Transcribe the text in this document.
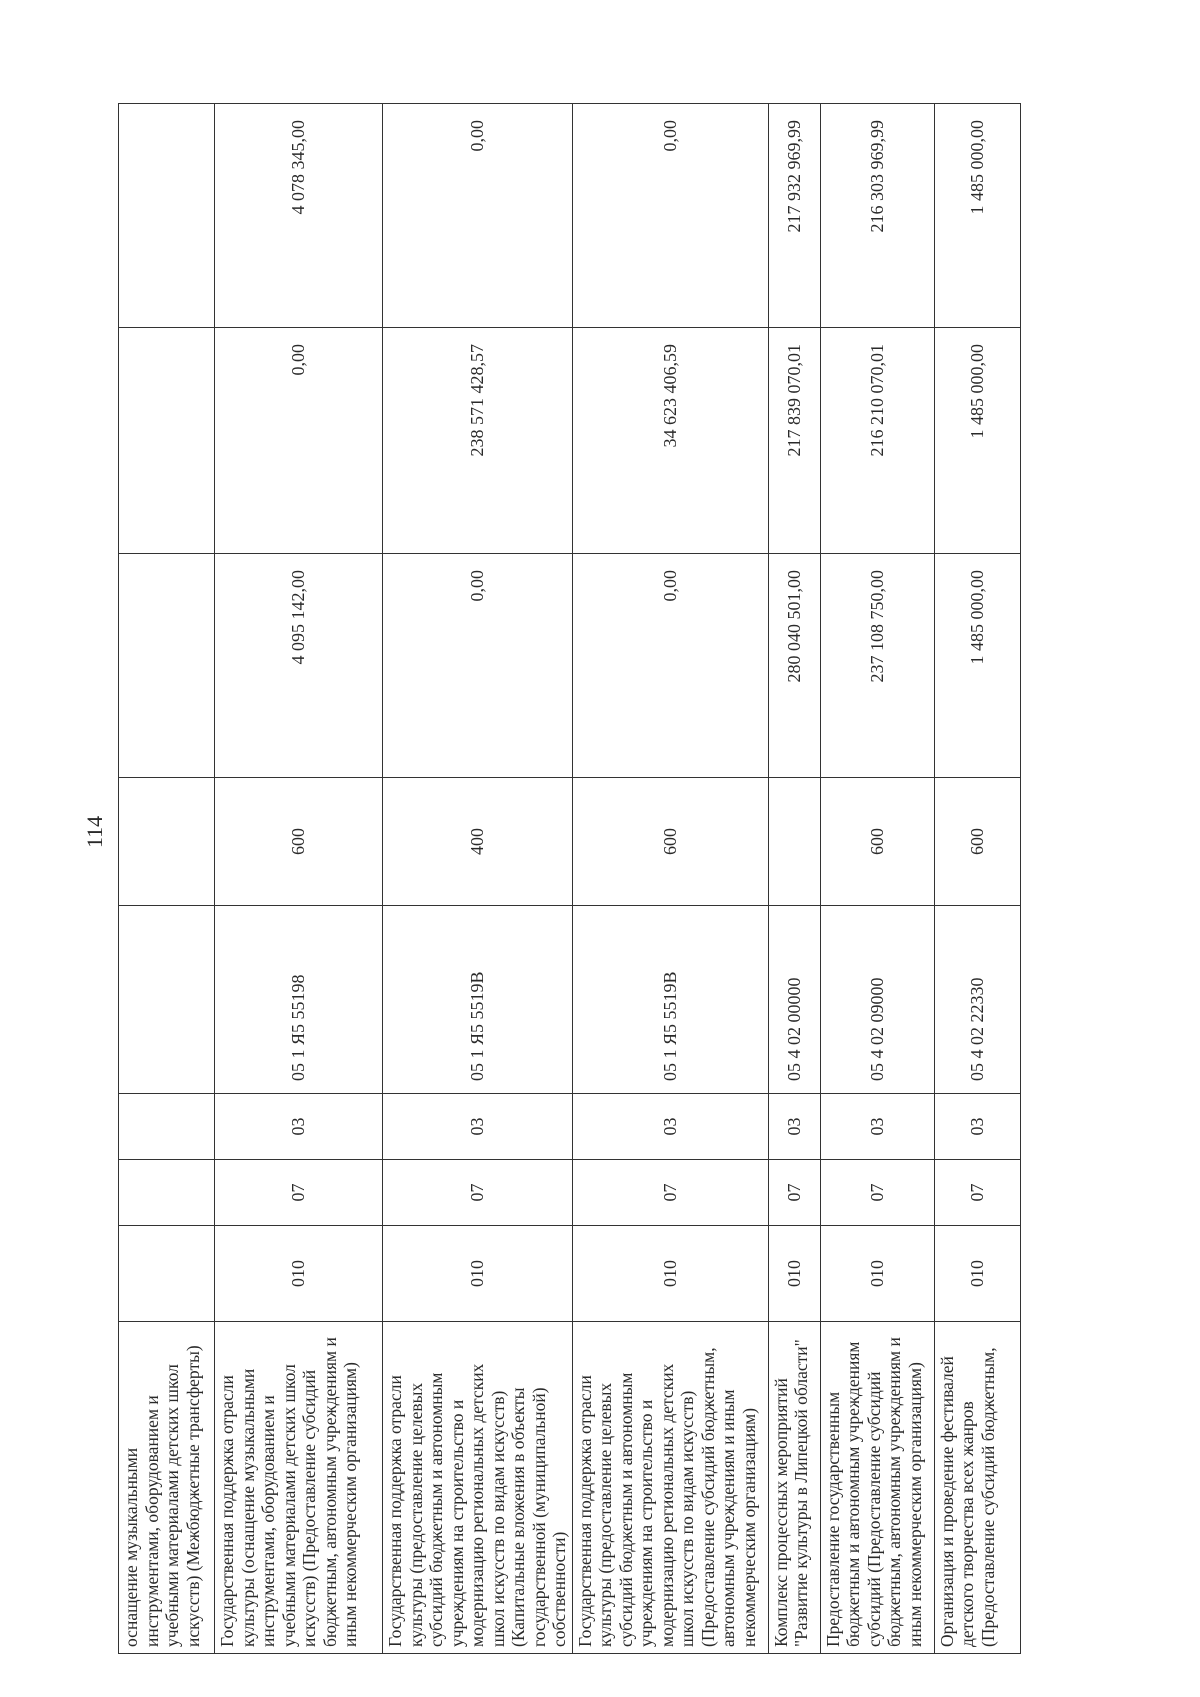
114
оснащение музыкальными инструментами, оборудованием и учебными материалами детских школ искусств) (Межбюджетные трансферты)								
Государственная поддержка отрасли культуры (оснащение музыкальными инструментами, оборудованием и учебными материалами детских школ искусств) (Предоставление субсидий бюджетным, автономным учреждениям и иным некоммерческим организациям)	010	07	03	05 1 Я5 55198	600	4 095 142,00	0,00	4 078 345,00
Государственная поддержка отрасли культуры (предоставление целевых субсидий бюджетным и автономным учреждениям на строительство и модернизацию региональных детских школ искусств по видам искусств) (Капитальные вложения в объекты государственной (муниципальной) собственности)	010	07	03	05 1 Я5 5519В	400	0,00	238 571 428,57	0,00
Государственная поддержка отрасли культуры (предоставление целевых субсидий бюджетным и автономным учреждениям на строительство и модернизацию региональных детских школ искусств по видам искусств) (Предоставление субсидий бюджетным, автономным учреждениям и иным некоммерческим организациям)	010	07	03	05 1 Я5 5519В	600	0,00	34 623 406,59	0,00
Комплекс процессных мероприятий "Развитие культуры в Липецкой области"	010	07	03	05 4 02 00000		280 040 501,00	217 839 070,01	217 932 969,99
Предоставление государственным бюджетным и автономным учреждениям субсидий (Предоставление субсидий бюджетным, автономным учреждениям и иным некоммерческим организациям)	010	07	03	05 4 02 09000	600	237 108 750,00	216 210 070,01	216 303 969,99
Организация и проведение фестивалей детского творчества всех жанров (Предоставление субсидий бюджетным,	010	07	03	05 4 02 22330	600	1 485 000,00	1 485 000,00	1 485 000,00
